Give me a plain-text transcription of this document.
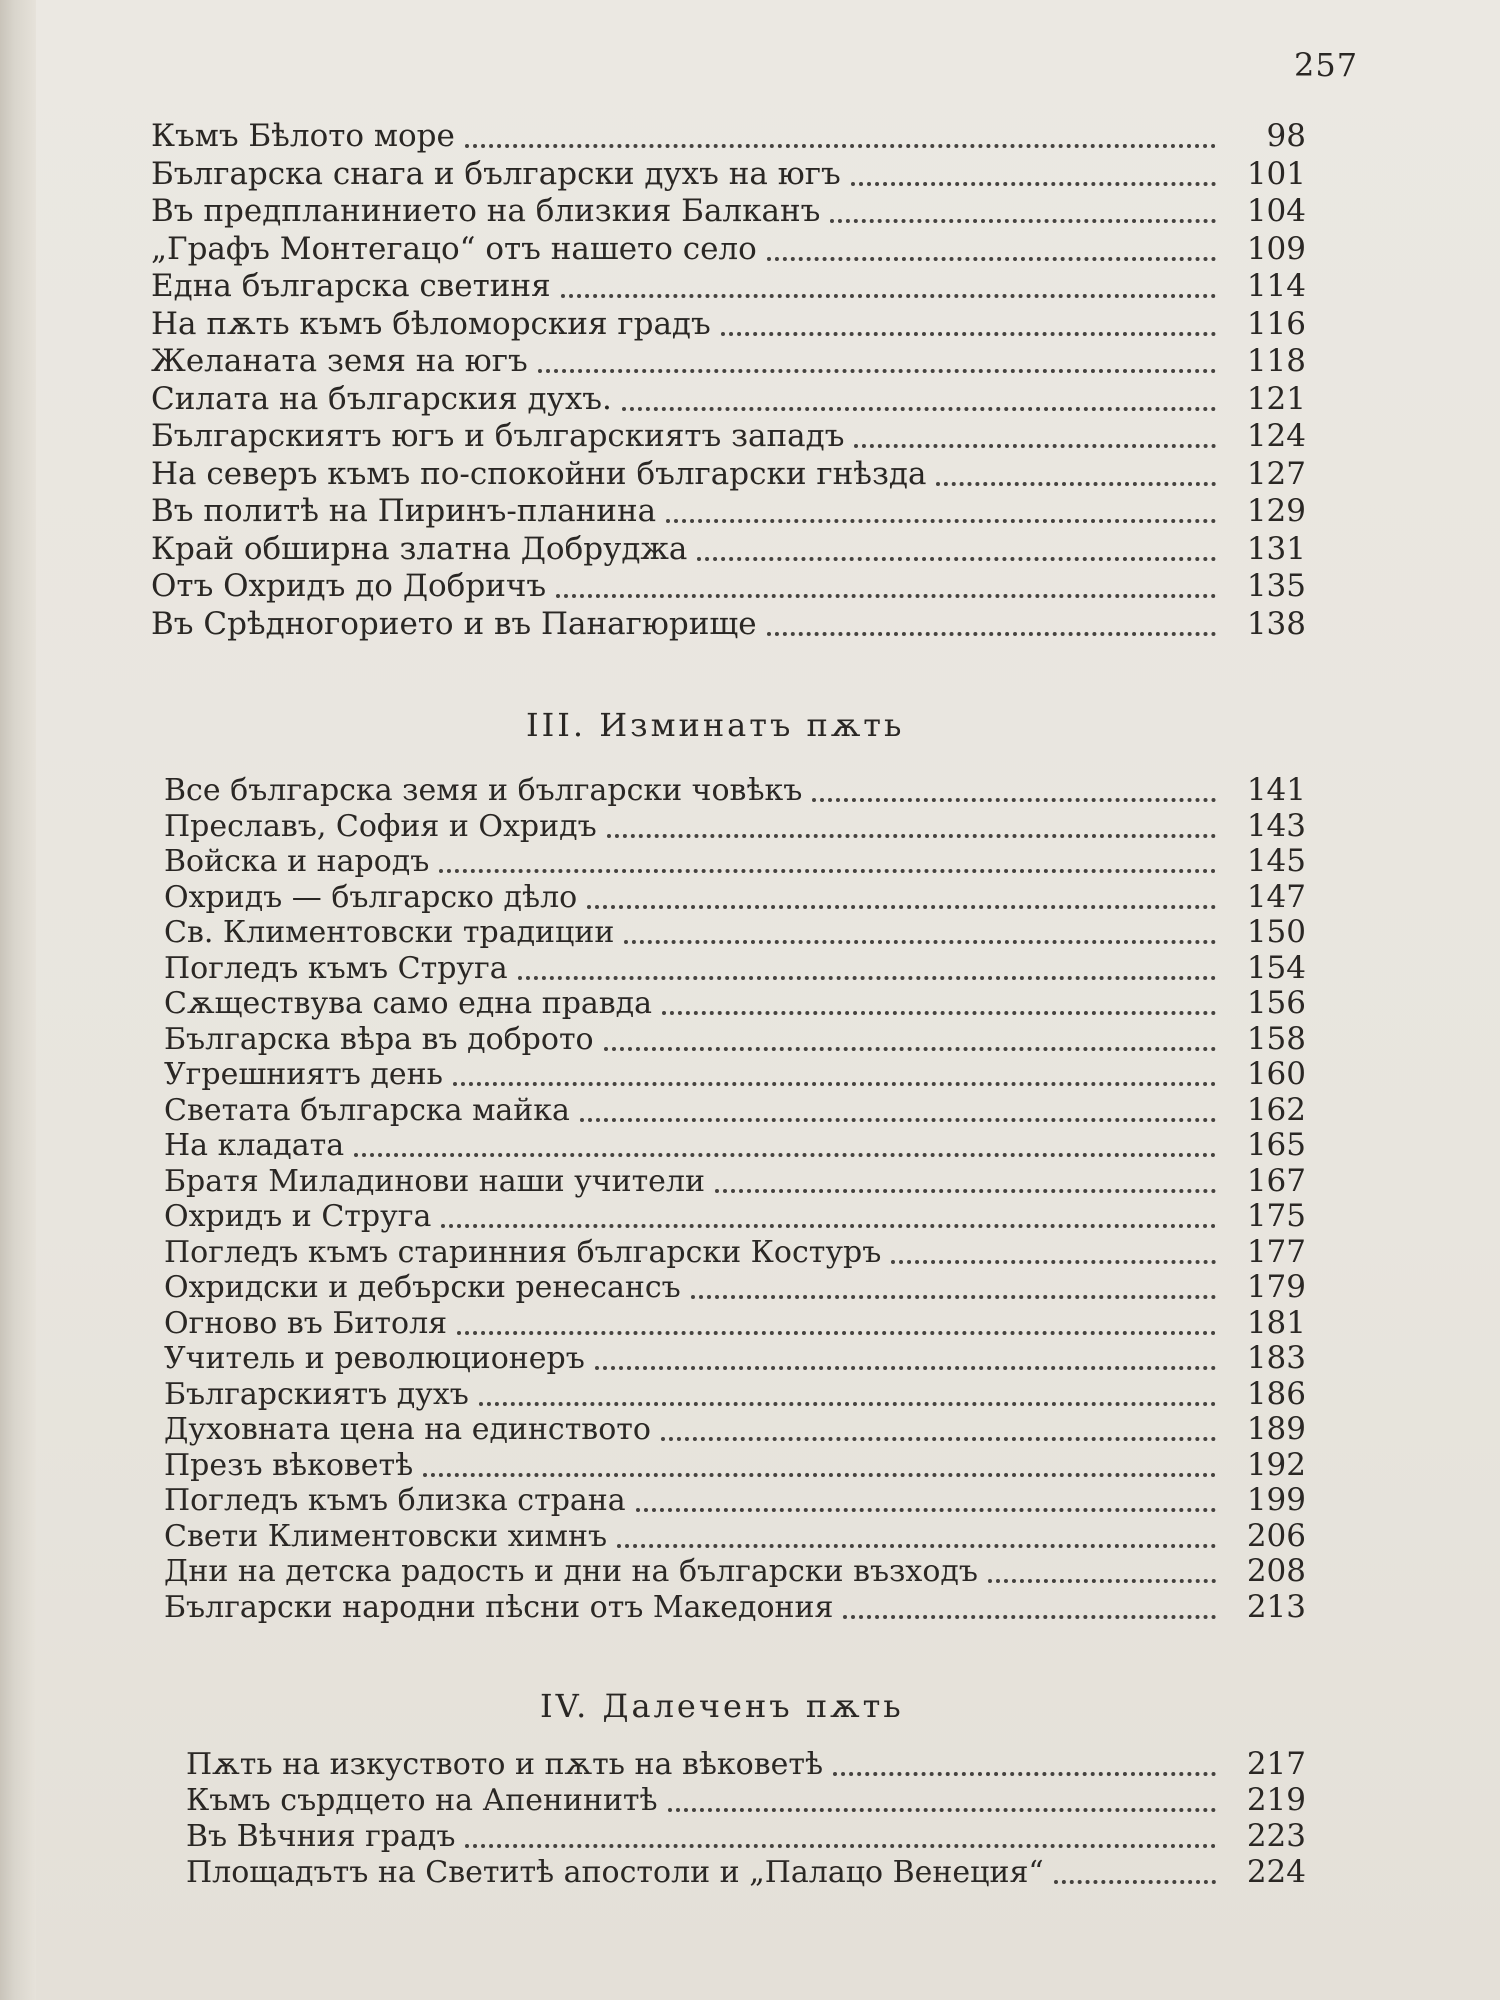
257
Къмъ Бѣлото море	98
Българска снага и български духъ на югъ	101
Въ предпланинието на близкия Балканъ	104
„Графъ Монтегацо“ отъ нашето село	109
Една българска светиня	114
На пѫть къмъ бѣломорския градъ	116
Желаната земя на югъ	118
Силата на българския духъ.	121
Българскиятъ югъ и българскиятъ западъ	124
На северъ къмъ по-спокойни български гнѣзда	127
Въ политѣ на Пиринъ-планина	129
Край обширна златна Добруджа	131
Отъ Охридъ до Добричъ	135
Въ Срѣдногорието и въ Панагюрище	138
III. Изминатъ пѫть
Все българска земя и български човѣкъ	141
Преславъ, София и Охридъ	143
Войска и народъ	145
Охридъ — българско дѣло	147
Св. Климентовски традиции	150
Погледъ къмъ Струга	154
Сѫществува само една правда	156
Българска вѣра въ доброто	158
Угрешниятъ день	160
Светата българска майка	162
На кладата	165
Братя Миладинови наши учители	167
Охридъ и Струга	175
Погледъ къмъ старинния български Костуръ	177
Охридски и дебърски ренесансъ	179
Огново въ Битоля	181
Учитель и революционеръ	183
Българскиятъ духъ	186
Духовната цена на единството	189
Презъ вѣковетѣ	192
Погледъ къмъ близка страна	199
Свети Климентовски химнъ	206
Дни на детска радость и дни на български възходъ	208
Български народни пѣсни отъ Македония	213
IV. Далеченъ пѫть
Пѫть на изкуството и пѫть на вѣковетѣ	217
Къмъ сърдцето на Апенинитѣ	219
Въ Вѣчния градъ	223
Площадътъ на Светитѣ апостоли и „Палацо Венеция“	224
